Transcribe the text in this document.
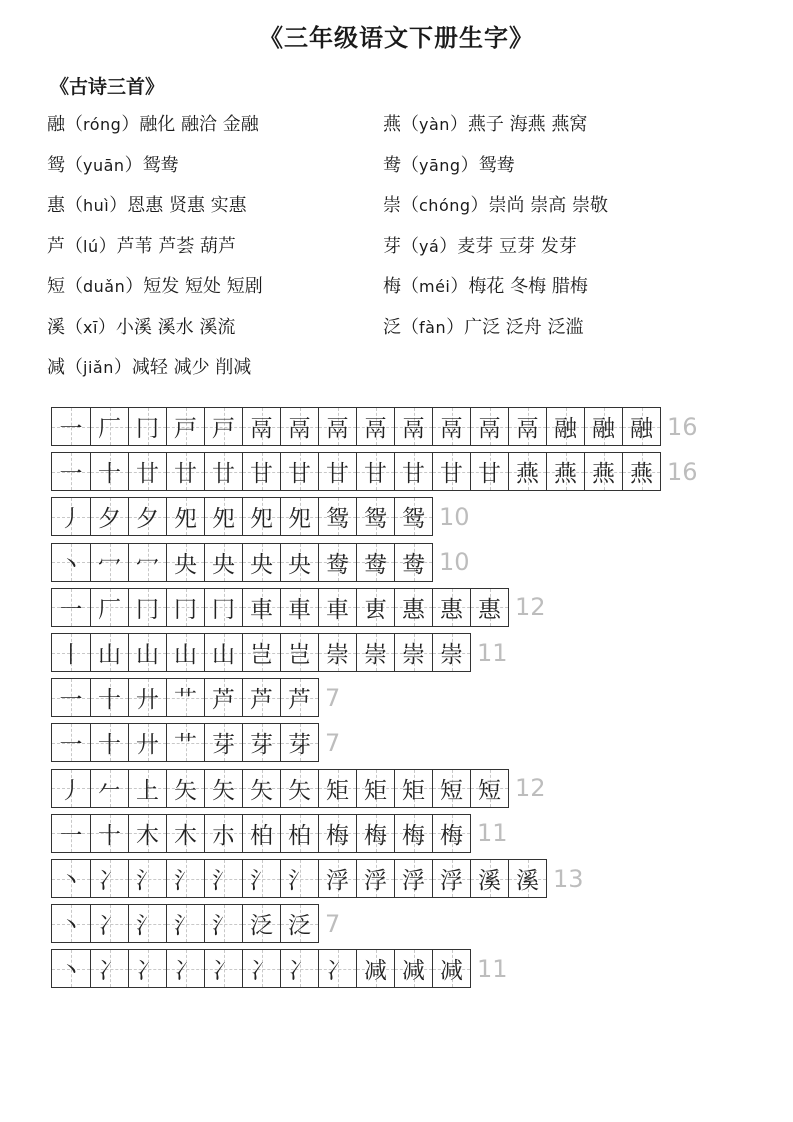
《三年级语文下册生字》
《古诗三首》
融（róng）融化 融洽 金融
鸳（yuān）鸳鸯
惠（huì）恩惠 贤惠 实惠
芦（lú）芦苇 芦荟 葫芦
短（duǎn）短发 短处 短剧
溪（xī）小溪 溪水 溪流
减（jiǎn）减轻 减少 削减
燕（yàn）燕子 海燕 燕窝
鸯（yāng）鸳鸯
崇（chóng）崇尚 崇高 崇敬
芽（yá）麦芽 豆芽 发芽
梅（méi）梅花 冬梅 腊梅
泛（fàn）广泛 泛舟 泛滥
一 厂 冂 戸 戸 鬲 鬲 鬲 鬲 鬲 鬲 鬲 鬲 融 融 融 16
一 十 廿 廿 廿 甘 甘 甘 甘 甘 甘 甘 燕 燕 燕 燕 16
丿 夕 夕 夗 夗 夗 夗 鸳 鸳 鸳 10
丶 冖 冖 央 央 央 央 鸯 鸯 鸯 10
一 厂 冂 冂 冂 車 車 車 叀 惠 惠 惠 12
丨 山 山 山 山 岂 岂 崇 崇 崇 崇 11
一 十 廾 艹 芦 芦 芦 7
一 十 廾 艹 芽 芽 芽 7
丿 𠂉 上 矢 矢 矢 矢 矩 矩 矩 短 短 12
一 十 木 木 朩 柏 柏 梅 梅 梅 梅 11
丶 冫 氵 氵 氵 氵 氵 浮 浮 浮 浮 溪 溪 13
丶 冫 氵 氵 氵 泛 泛 7
丶 冫 冫 冫 冫 冫 冫 冫 减 减 减 11
